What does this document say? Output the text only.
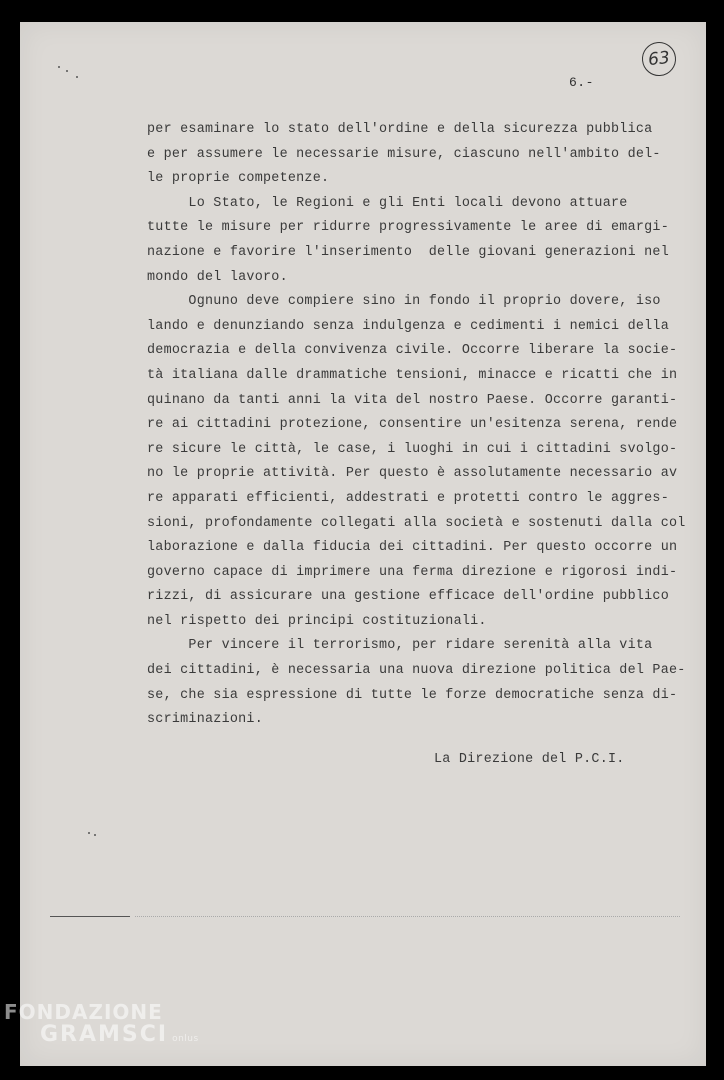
6.-
63
per esaminare lo stato dell'ordine e della sicurezza pubblica
e per assumere le necessarie misure, ciascuno nell'ambito del-
le proprie competenze.
Lo Stato, le Regioni e gli Enti locali devono attuare
tutte le misure per ridurre progressivamente le aree di emargi-
nazione e favorire l'inserimento  delle giovani generazioni nel
mondo del lavoro.
Ognuno deve compiere sino in fondo il proprio dovere, iso
lando e denunziando senza indulgenza e cedimenti i nemici della
democrazia e della convivenza civile. Occorre liberare la socie-
tà italiana dalle drammatiche tensioni, minacce e ricatti che in
quinano da tanti anni la vita del nostro Paese. Occorre garanti-
re ai cittadini protezione, consentire un'esitenza serena, rende
re sicure le città, le case, i luoghi in cui i cittadini svolgo-
no le proprie attività. Per questo è assolutamente necessario av
re apparati efficienti, addestrati e protetti contro le aggres-
sioni, profondamente collegati alla società e sostenuti dalla col
laborazione e dalla fiducia dei cittadini. Per questo occorre un
governo capace di imprimere una ferma direzione e rigorosi indi-
rizzi, di assicurare una gestione efficace dell'ordine pubblico
nel rispetto dei principi costituzionali.
Per vincere il terrorismo, per ridare serenità alla vita
dei cittadini, è necessaria una nuova direzione politica del Pae-
se, che sia espressione di tutte le forze democratiche senza di-
scriminazioni.
La Direzione del P.C.I.
FONDAZIONE
GRAMSCI onlus
